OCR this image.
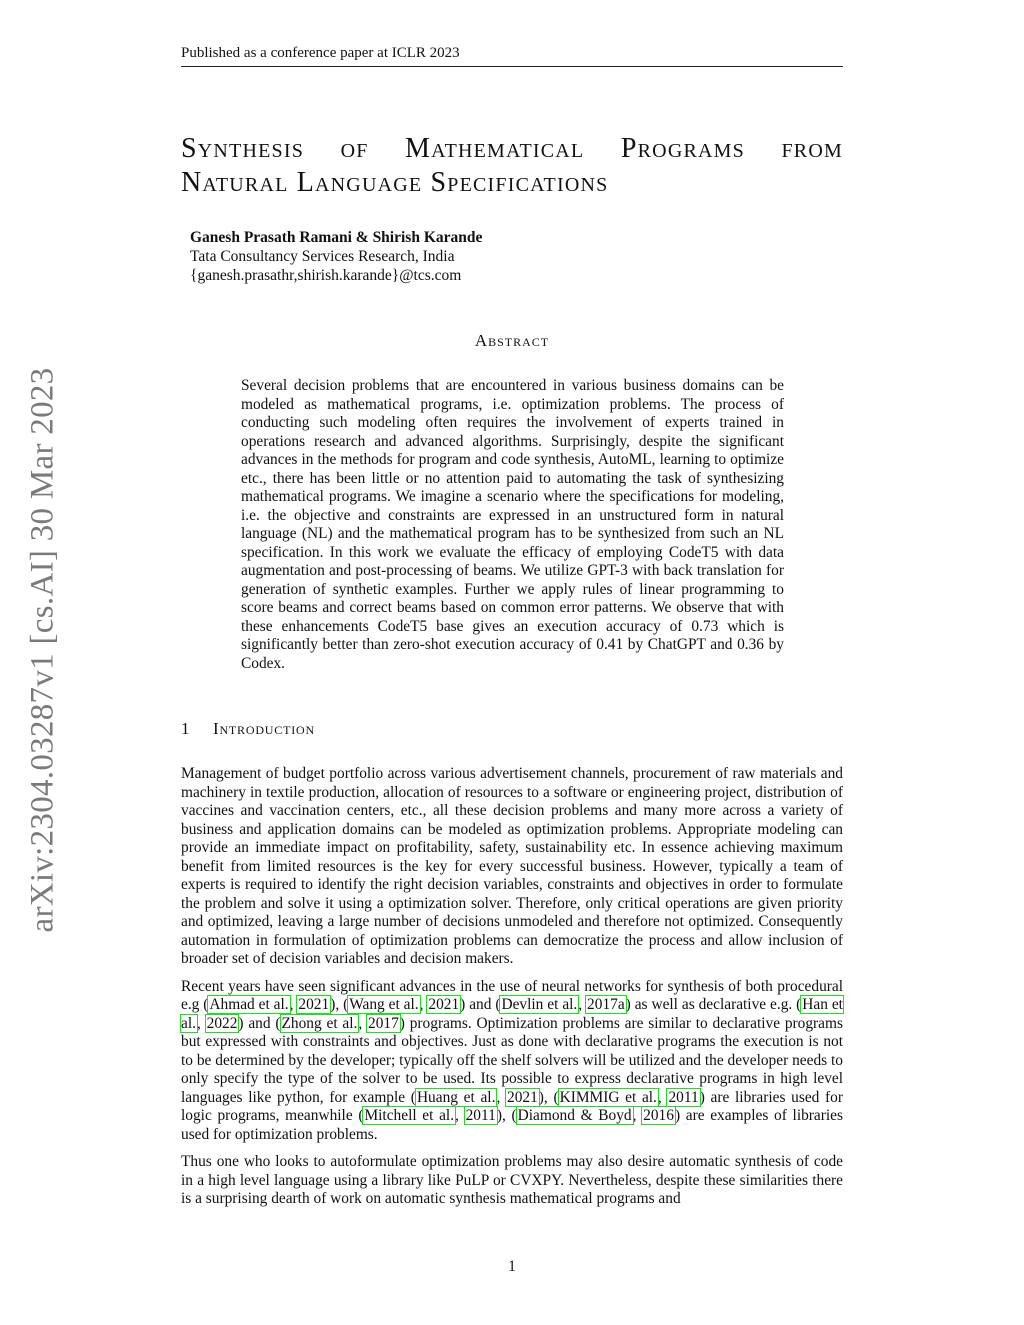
Published as a conference paper at ICLR 2023
arXiv:2304.03287v1 [cs.AI] 30 Mar 2023
Synthesis of Mathematical Programs from
Natural Language Specifications
Ganesh Prasath Ramani & Shirish Karande
Tata Consultancy Services Research, India
{ganesh.prasathr,shirish.karande}@tcs.com
Abstract

Several decision problems that are encountered in various business domains can be modeled as mathematical programs, i.e. optimization problems. The process of conducting such modeling often requires the involvement of experts trained in operations research and advanced algorithms. Surprisingly, despite the significant advances in the methods for program and code synthesis, AutoML, learning to optimize etc., there has been little or no attention paid to automating the task of synthesizing mathematical programs. We imagine a scenario where the specifications for modeling, i.e. the objective and constraints are expressed in an unstructured form in natural language (NL) and the mathematical program has to be synthesized from such an NL specification. In this work we evaluate the efficacy of employing CodeT5 with data augmentation and post-processing of beams. We utilize GPT-3 with back translation for generation of synthetic examples. Further we apply rules of linear programming to score beams and correct beams based on common error patterns. We observe that with these enhancements CodeT5 base gives an execution accuracy of 0.73 which is significantly better than zero-shot execution accuracy of 0.41 by ChatGPT and 0.36 by Codex.

1 Introduction

Management of budget portfolio across various advertisement channels, procurement of raw materials and machinery in textile production, allocation of resources to a software or engineering project, distribution of vaccines and vaccination centers, etc., all these decision problems and many more across a variety of business and application domains can be modeled as optimization problems. Appropriate modeling can provide an immediate impact on profitability, safety, sustainability etc. In essence achieving maximum benefit from limited resources is the key for every successful business. However, typically a team of experts is required to identify the right decision variables, constraints and objectives in order to formulate the problem and solve it using a optimization solver. Therefore, only critical operations are given priority and optimized, leaving a large number of decisions unmodeled and therefore not optimized. Consequently automation in formulation of optimization problems can democratize the process and allow inclusion of broader set of decision variables and decision makers.

Recent years have seen significant advances in the use of neural networks for synthesis of both procedural e.g (Ahmad et al., 2021), (Wang et al., 2021) and (Devlin et al., 2017a) as well as declarative e.g. (Han et al., 2022) and (Zhong et al., 2017) programs. Optimization problems are similar to declarative programs but expressed with constraints and objectives. Just as done with declarative programs the execution is not to be determined by the developer; typically off the shelf solvers will be utilized and the developer needs to only specify the type of the solver to be used. Its possible to express declarative programs in high level languages like python, for example (Huang et al., 2021), (KIMMIG et al., 2011) are libraries used for logic programs, meanwhile (Mitchell et al., 2011), (Diamond & Boyd, 2016) are examples of libraries used for optimization problems.

Thus one who looks to autoformulate optimization problems may also desire automatic synthesis of code in a high level language using a library like PuLP or CVXPY. Nevertheless, despite these similarities there is a surprising dearth of work on automatic synthesis mathematical programs and

1
